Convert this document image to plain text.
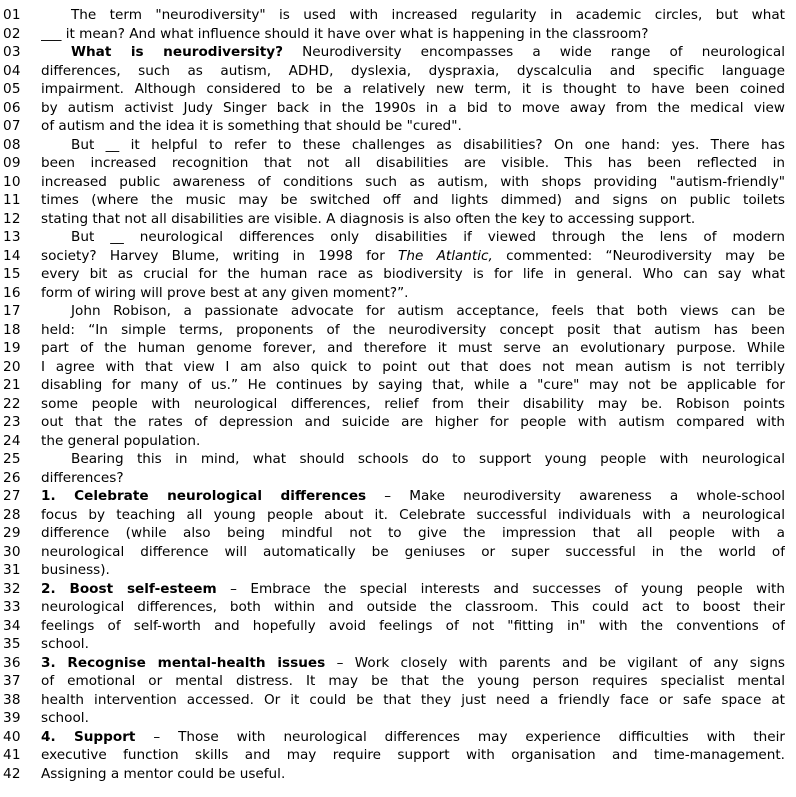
01	The term "neurodiversity" is used with increased regularity in academic circles, but what
02	___ it mean? And what influence should it have over what is happening in the classroom?
03	What is neurodiversity? Neurodiversity encompasses a wide range of neurological
04	differences, such as autism, ADHD, dyslexia, dyspraxia, dyscalculia and specific language
05	impairment. Although considered to be a relatively new term, it is thought to have been coined
06	by autism activist Judy Singer back in the 1990s in a bid to move away from the medical view
07	of autism and the idea it is something that should be "cured".
08	But __ it helpful to refer to these challenges as disabilities? On one hand: yes. There has
09	been increased recognition that not all disabilities are visible. This has been reflected in
10	increased public awareness of conditions such as autism, with shops providing "autism-friendly"
11	times (where the music may be switched off and lights dimmed) and signs on public toilets
12	stating that not all disabilities are visible. A diagnosis is also often the key to accessing support.
13	But __ neurological differences only disabilities if viewed through the lens of modern
14	society? Harvey Blume, writing in 1998 for The Atlantic, commented: “Neurodiversity may be
15	every bit as crucial for the human race as biodiversity is for life in general. Who can say what
16	form of wiring will prove best at any given moment?”.
17	John Robison, a passionate advocate for autism acceptance, feels that both views can be
18	held: “In simple terms, proponents of the neurodiversity concept posit that autism has been
19	part of the human genome forever, and therefore it must serve an evolutionary purpose. While
20	I agree with that view I am also quick to point out that does not mean autism is not terribly
21	disabling for many of us.” He continues by saying that, while a "cure" may not be applicable for
22	some people with neurological differences, relief from their disability may be. Robison points
23	out that the rates of depression and suicide are higher for people with autism compared with
24	the general population.
25	Bearing this in mind, what should schools do to support young people with neurological
26	differences?
27	1. Celebrate neurological differences – Make neurodiversity awareness a whole-school
28	focus by teaching all young people about it. Celebrate successful individuals with a neurological
29	difference (while also being mindful not to give the impression that all people with a
30	neurological difference will automatically be geniuses or super successful in the world of
31	business).
32	2. Boost self-esteem – Embrace the special interests and successes of young people with
33	neurological differences, both within and outside the classroom. This could act to boost their
34	feelings of self-worth and hopefully avoid feelings of not "fitting in" with the conventions of
35	school.
36	3. Recognise mental-health issues – Work closely with parents and be vigilant of any signs
37	of emotional or mental distress. It may be that the young person requires specialist mental
38	health intervention accessed. Or it could be that they just need a friendly face or safe space at
39	school.
40	4. Support – Those with neurological differences may experience difficulties with their
41	executive function skills and may require support with organisation and time-management.
42	Assigning a mentor could be useful.
